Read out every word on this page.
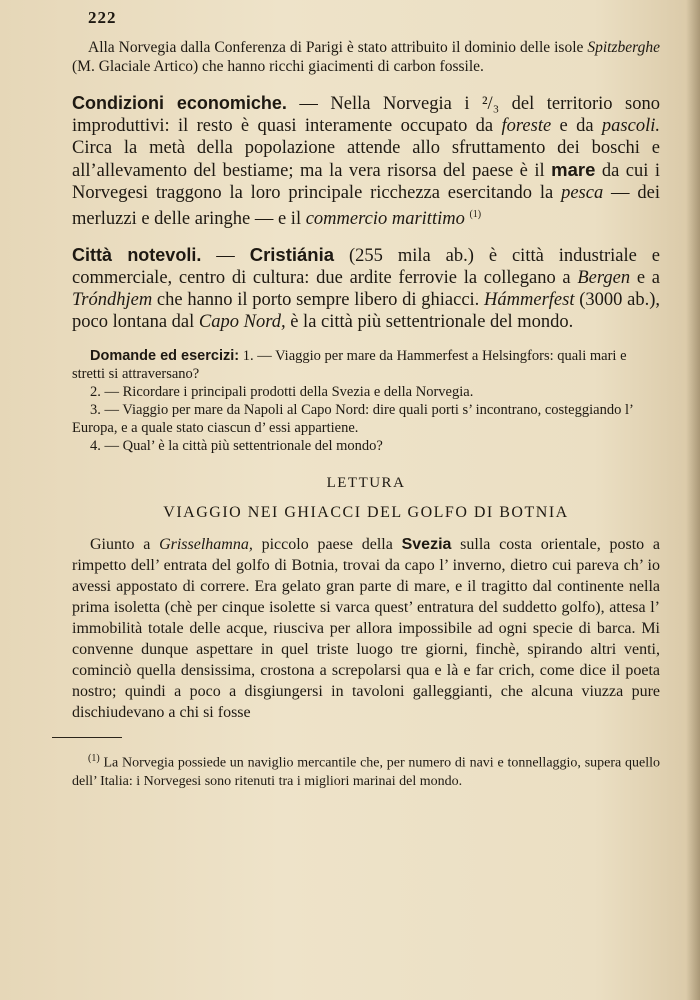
222

Alla Norvegia dalla Conferenza di Parigi è stato attribuito il dominio delle isole Spitzberghe (M. Glaciale Artico) che hanno ricchi giacimenti di carbon fossile.

Condizioni economiche. — Nella Norvegia i ²/₃ del territorio sono improduttivi: il resto è quasi interamente occupato da foreste e da pascoli. Circa la metà della popolazione attende allo sfruttamento dei boschi e all’allevamento del bestiame; ma la vera risorsa del paese è il mare da cui i Norvegesi traggono la loro principale ricchezza esercitando la pesca — dei merluzzi e delle aringhe — e il commercio marittimo $^{(1)}$

Città notevoli. — Cristiánia (255 mila ab.) è città industriale e commerciale, centro di cultura: due ardite ferrovie la collegano a Bergen e a Tróndhjem che hanno il porto sempre libero di ghiacci. Hámmerfest (3000 ab.), poco lontana dal Capo Nord, è la città più settentrionale del mondo.

Domande ed esercizi: 1. — Viaggio per mare da Hammerfest a Helsingfors: quali mari e stretti si attraversano?

2. — Ricordare i principali prodotti della Svezia e della Norvegia.

3. — Viaggio per mare da Napoli al Capo Nord: dire quali porti s’ incontrano, costeggiando l’ Europa, e a quale stato ciascun d’ essi appartiene.

4. — Qual’ è la città più settentrionale del mondo?

LETTURA
VIAGGIO NEI GHIACCI DEL GOLFO DI BOTNIA

Giunto a Grisselhamna, piccolo paese della Svezia sulla costa orientale, posto a rimpetto dell’ entrata del golfo di Botnia, trovai da capo l’ inverno, dietro cui pareva ch’ io avessi appostato di correre. Era gelato gran parte di mare, e il tragitto dal continente nella prima isoletta (chè per cinque isolette si varca quest’ entratura del suddetto golfo), attesa l’ immobilità totale delle acque, riusciva per allora impossibile ad ogni specie di barca. Mi convenne dunque aspettare in quel triste luogo tre giorni, finchè, spirando altri venti, cominciò quella densissima, crostona a screpolarsi qua e là e far crich, come dice il poeta nostro; quindi a poco a disgiungersi in tavoloni galleggianti, che alcuna viuzza pure dischiudevano a chi si fosse

$^{(1)}$ La Norvegia possiede un naviglio mercantile che, per numero di navi e tonnellaggio, supera quello dell’ Italia: i Norvegesi sono ritenuti tra i migliori marinai del mondo.
